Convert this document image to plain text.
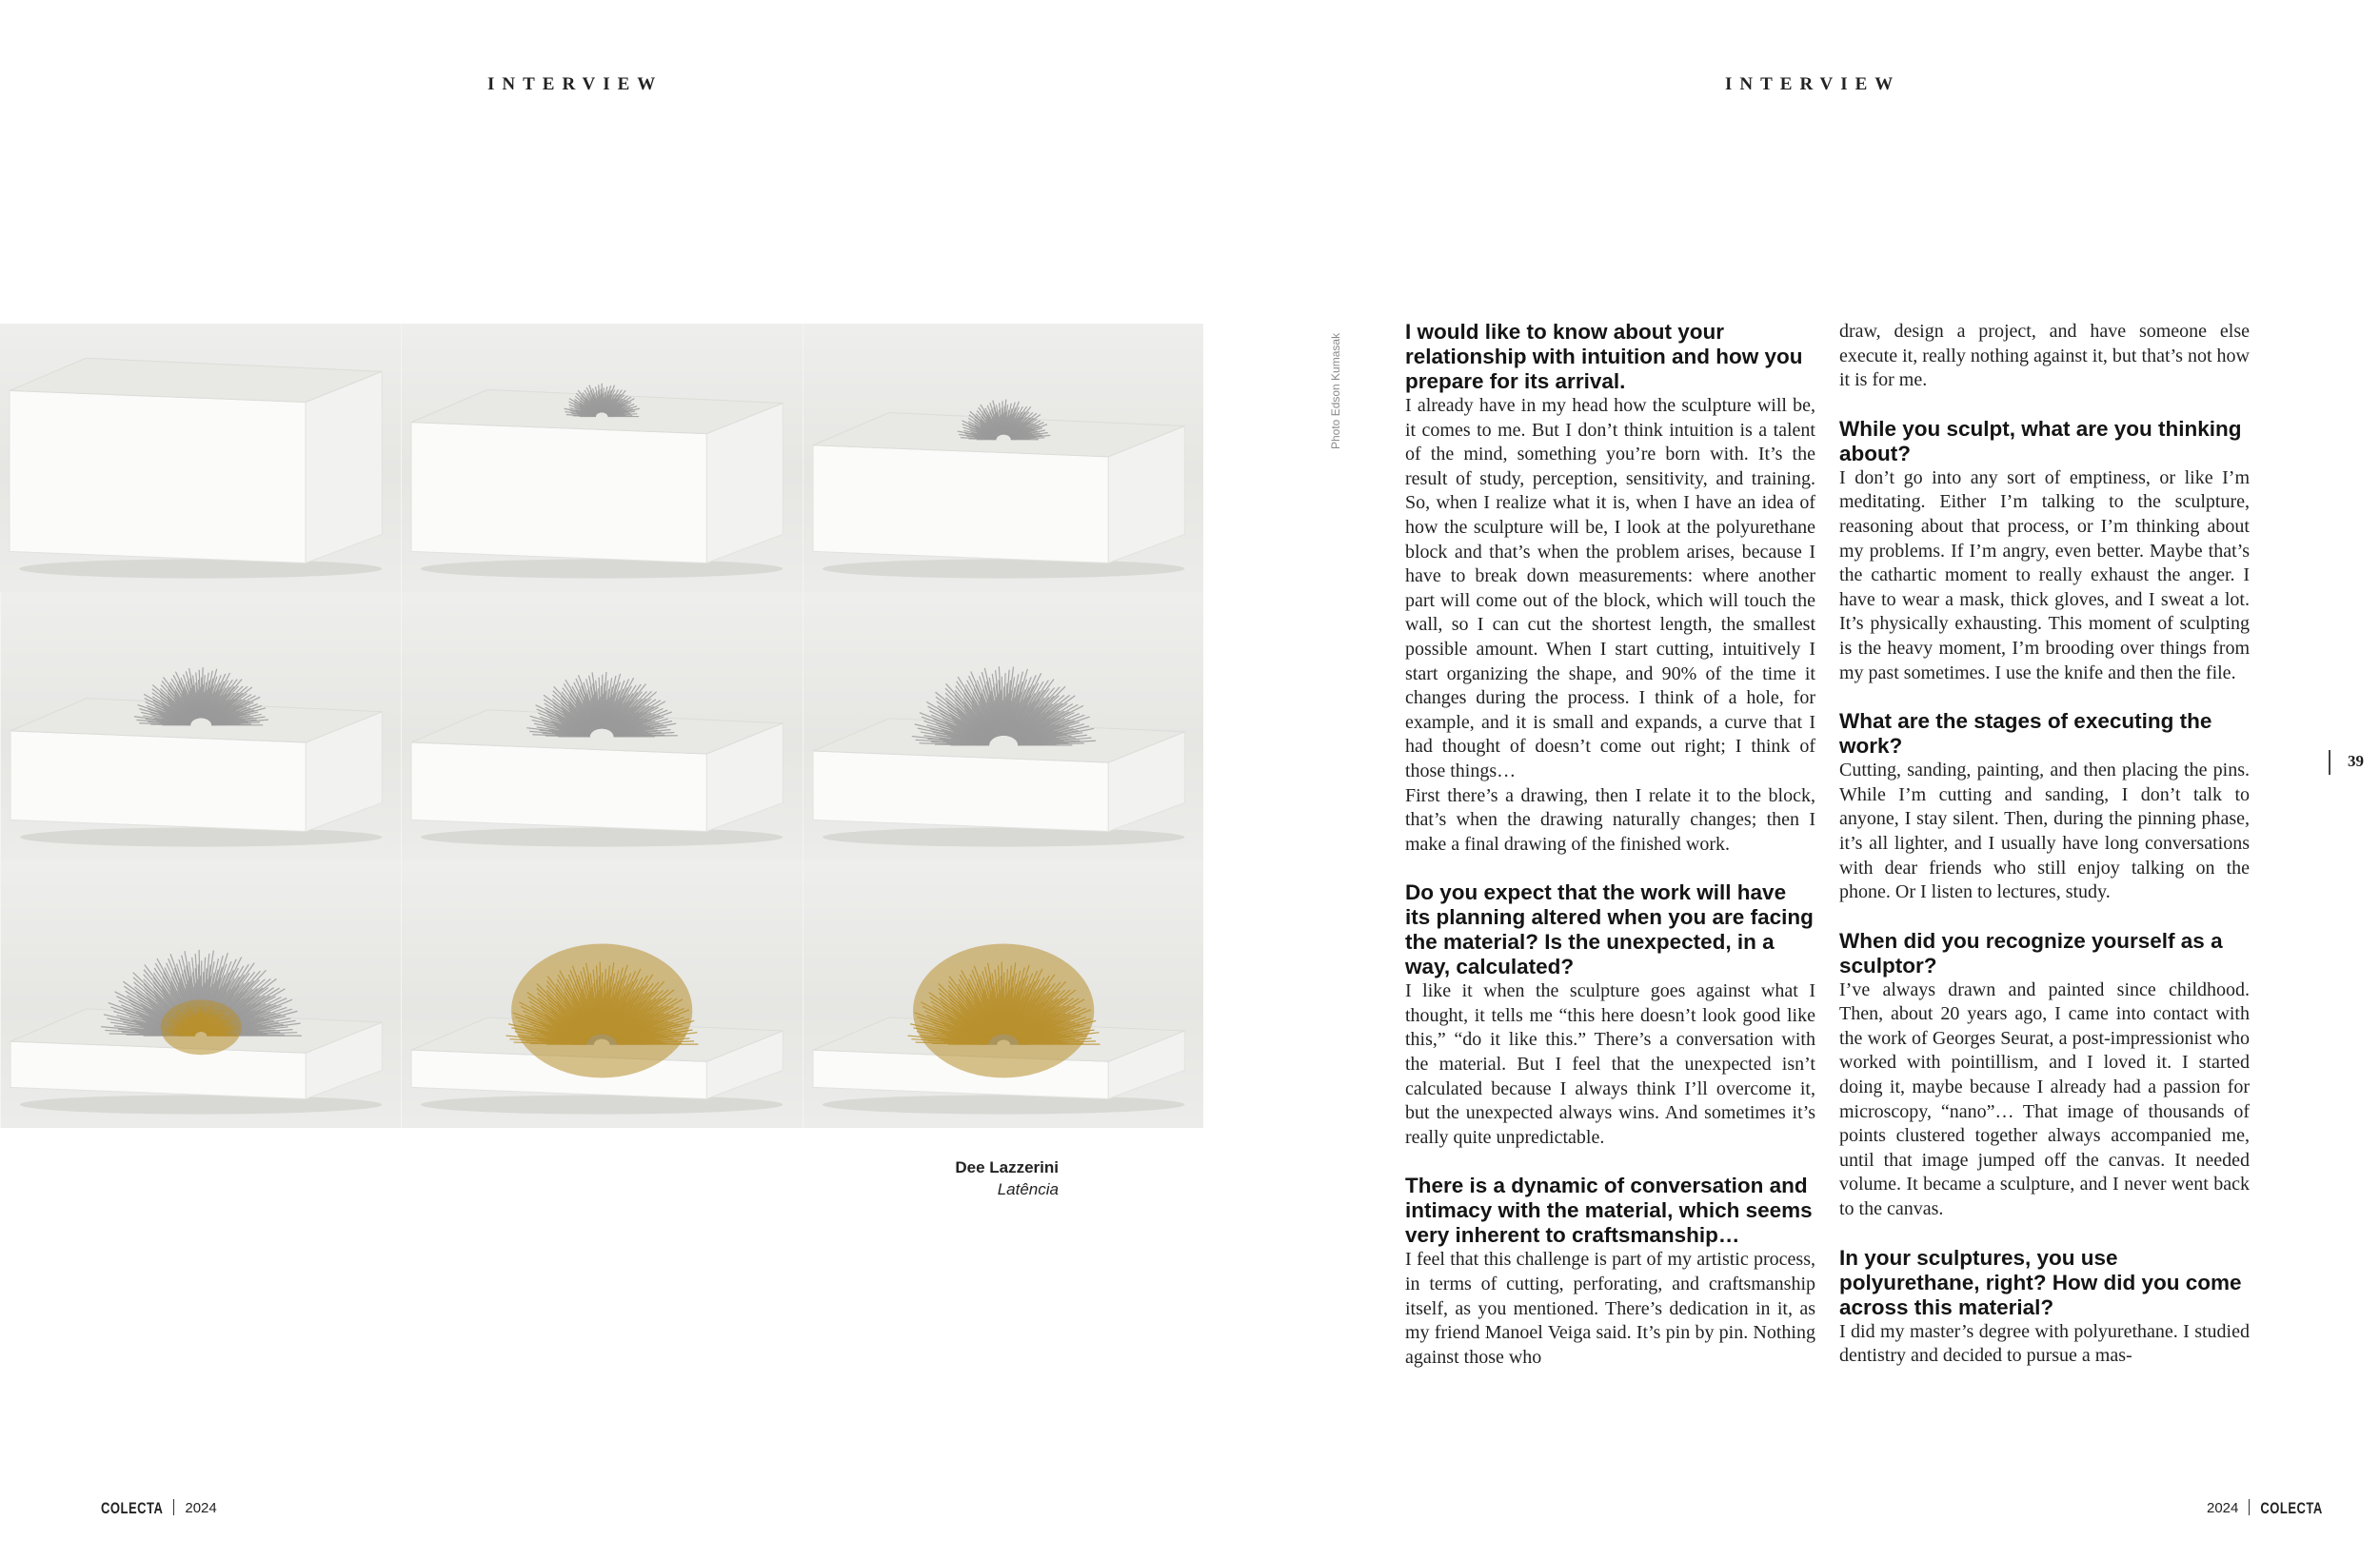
INTERVIEW	INTERVIEW
Dee Lazzerini
Latência
Photo Edson Kumasak

I would like to know about your relationship with intuition and how you prepare for its arrival.

I already have in my head how the sculpture will be, it comes to me. But I don’t think intuition is a talent of the mind, something you’re born with. It’s the result of study, perception, sensitivity, and training. So, when I realize what it is, when I have an idea of how the sculpture will be, I look at the polyurethane block and that’s when the problem arises, because I have to break down measurements: where another part will come out of the block, which will touch the wall, so I can cut the shortest length, the smallest possible amount. When I start cutting, intuitively I start organizing the shape, and 90% of the time it changes during the process. I think of a hole, for example, and it is small and expands, a curve that I had thought of doesn’t come out right; I think of those things…

First there’s a drawing, then I relate it to the block, that’s when the drawing naturally changes; then I make a final drawing of the finished work.

Do you expect that the work will have its planning altered when you are facing the material? Is the unexpected, in a way, calculated?

I like it when the sculpture goes against what I thought, it tells me “this here doesn’t look good like this,” “do it like this.” There’s a conversation with the material. But I feel that the unexpected isn’t calculated because I always think I’ll overcome it, but the unexpected always wins. And sometimes it’s really quite unpredictable.

There is a dynamic of conversation and intimacy with the material, which seems very inherent to craftsmanship…

I feel that this challenge is part of my artistic process, in terms of cutting, perforating, and craftsmanship itself, as you mentioned. There’s dedication in it, as my friend Manoel Veiga said. It’s pin by pin. Nothing against those who

draw, design a project, and have someone else execute it, really nothing against it, but that’s not how it is for me.

While you sculpt, what are you thinking about?

I don’t go into any sort of emptiness, or like I’m meditating. Either I’m talking to the sculpture, reasoning about that process, or I’m thinking about my problems. If I’m angry, even better. Maybe that’s the cathartic moment to really exhaust the anger. I have to wear a mask, thick gloves, and I sweat a lot. It’s physically exhausting. This moment of sculpting is the heavy moment, I’m brooding over things from my past sometimes. I use the knife and then the file.

What are the stages of executing the work?

Cutting, sanding, painting, and then placing the pins. While I’m cutting and sanding, I don’t talk to anyone, I stay silent. Then, during the pinning phase, it’s all lighter, and I usually have long conversations with dear friends who still enjoy talking on the phone. Or I listen to lectures, study.

When did you recognize yourself as a sculptor?

I’ve always drawn and painted since childhood. Then, about 20 years ago, I came into contact with the work of Georges Seurat, a post-impressionist who worked with pointillism, and I loved it. I started doing it, maybe because I already had a passion for microscopy, “nano”… That image of thousands of points clustered together always accompanied me, until that image jumped off the canvas. It needed volume. It became a sculpture, and I never went back to the canvas.

In your sculptures, you use polyurethane, right? How did you come across this material?

I did my master’s degree with polyurethane. I studied dentistry and decided to pursue a mas-

39
COLECTA 2024	2024 COLECTA
